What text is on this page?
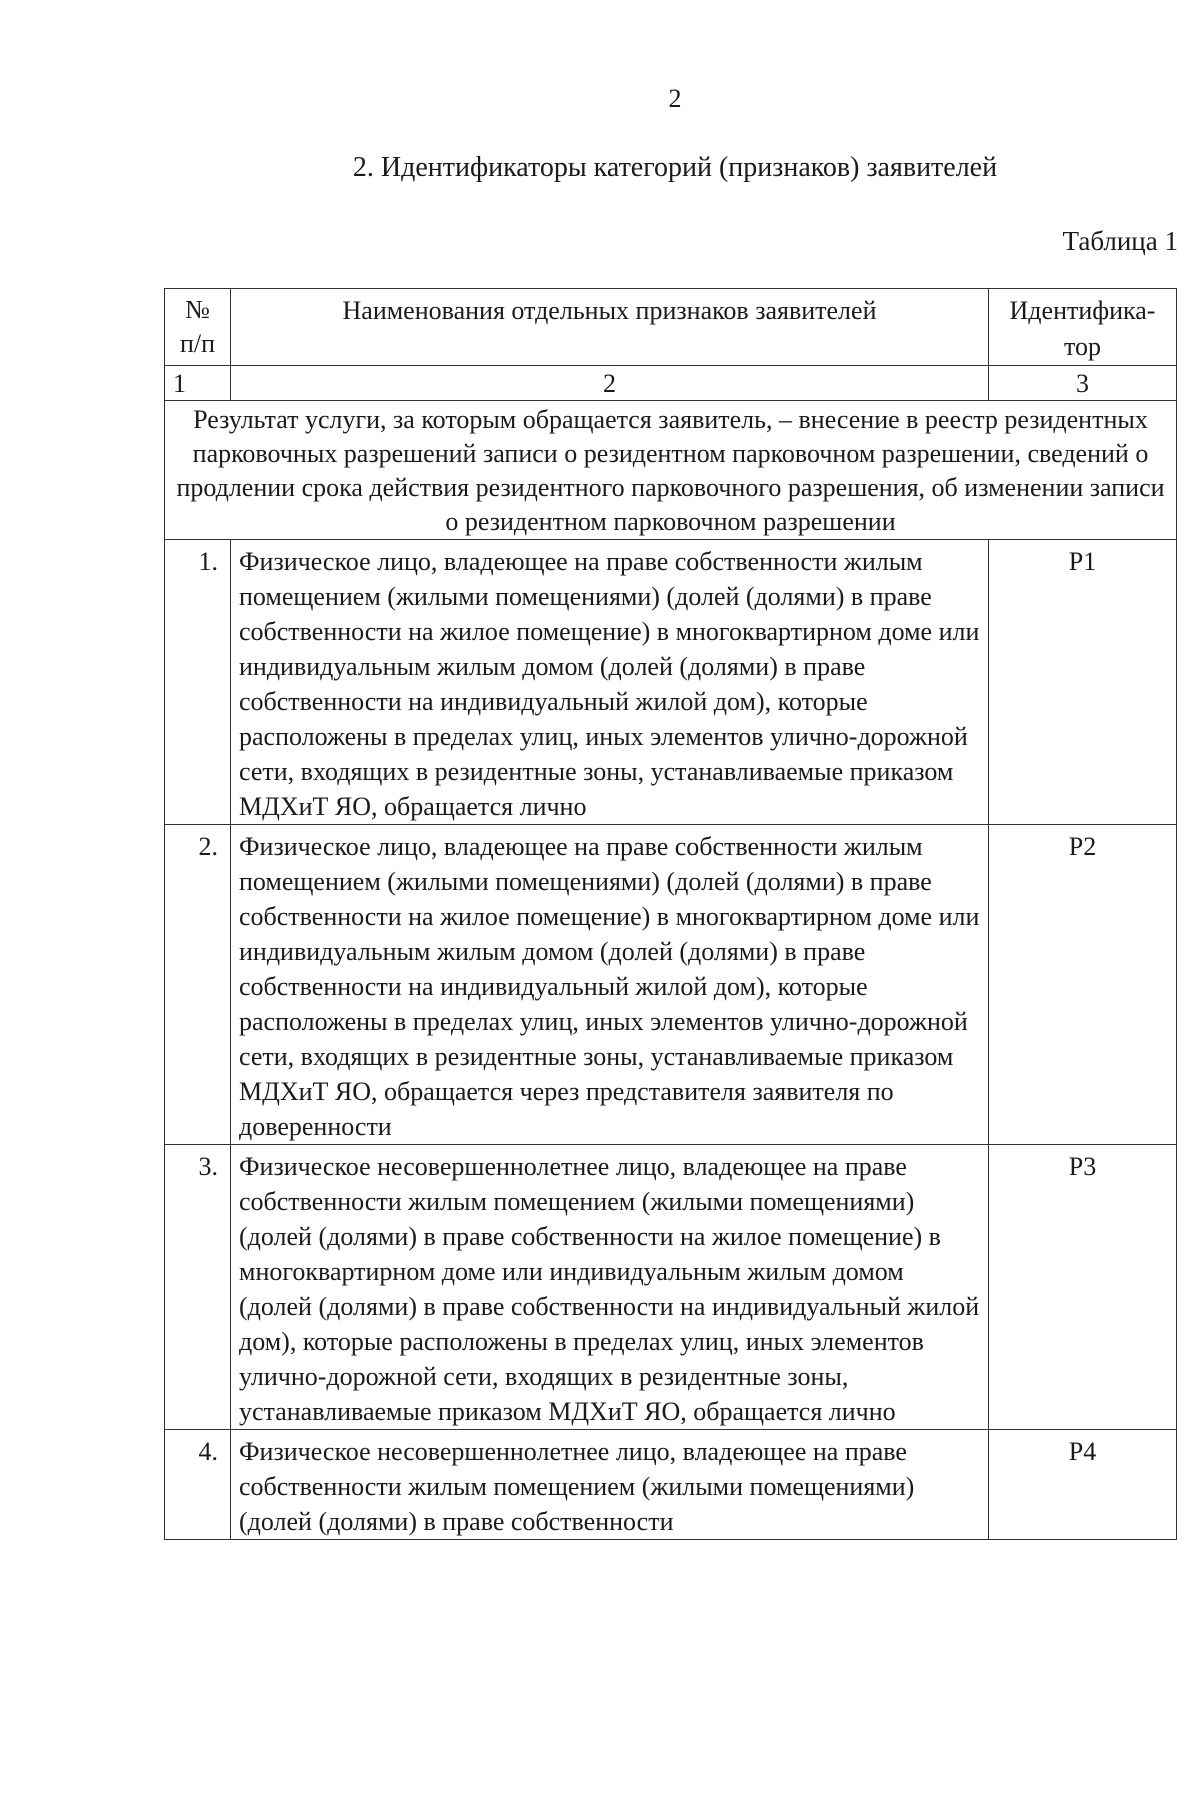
2
2. Идентификаторы категорий (признаков) заявителей
Таблица 1
№ п/п	Наименования отдельных признаков заявителей	Идентифика-тор
1	2	3
Результат услуги, за которым обращается заявитель, – внесение в реестр резидентных парковочных разрешений записи о резидентном парковочном разрешении, сведений о продлении срока действия резидентного парковочного разрешения, об изменении записи о резидентном парковочном разрешении		
1.	Физическое лицо, владеющее на праве собственности жилым помещением (жилыми помещениями) (долей (долями) в праве собственности на жилое помещение) в многоквартирном доме или индивидуальным жилым домом (долей (долями) в праве собственности на индивидуальный жилой дом), которые расположены в пределах улиц, иных элементов улично-дорожной сети, входящих в резидентные зоны, устанавливаемые приказом МДХиТ ЯО, обращается лично	Р1
2.	Физическое лицо, владеющее на праве собственности жилым помещением (жилыми помещениями) (долей (долями) в праве собственности на жилое помещение) в многоквартирном доме или индивидуальным жилым домом (долей (долями) в праве собственности на индивидуальный жилой дом), которые расположены в пределах улиц, иных элементов улично-дорожной сети, входящих в резидентные зоны, устанавливаемые приказом МДХиТ ЯО, обращается через представителя заявителя по доверенности	Р2
3.	Физическое несовершеннолетнее лицо, владеющее на праве собственности жилым помещением (жилыми помещениями) (долей (долями) в праве собственности на жилое помещение) в многоквартирном доме или индивидуальным жилым домом (долей (долями) в праве собственности на индивидуальный жилой дом), которые расположены в пределах улиц, иных элементов улично-дорожной сети, входящих в резидентные зоны, устанавливаемые приказом МДХиТ ЯО, обращается лично	Р3
4.	Физическое несовершеннолетнее лицо, владеющее на праве собственности жилым помещением (жилыми помещениями) (долей (долями) в праве собственности	Р4
